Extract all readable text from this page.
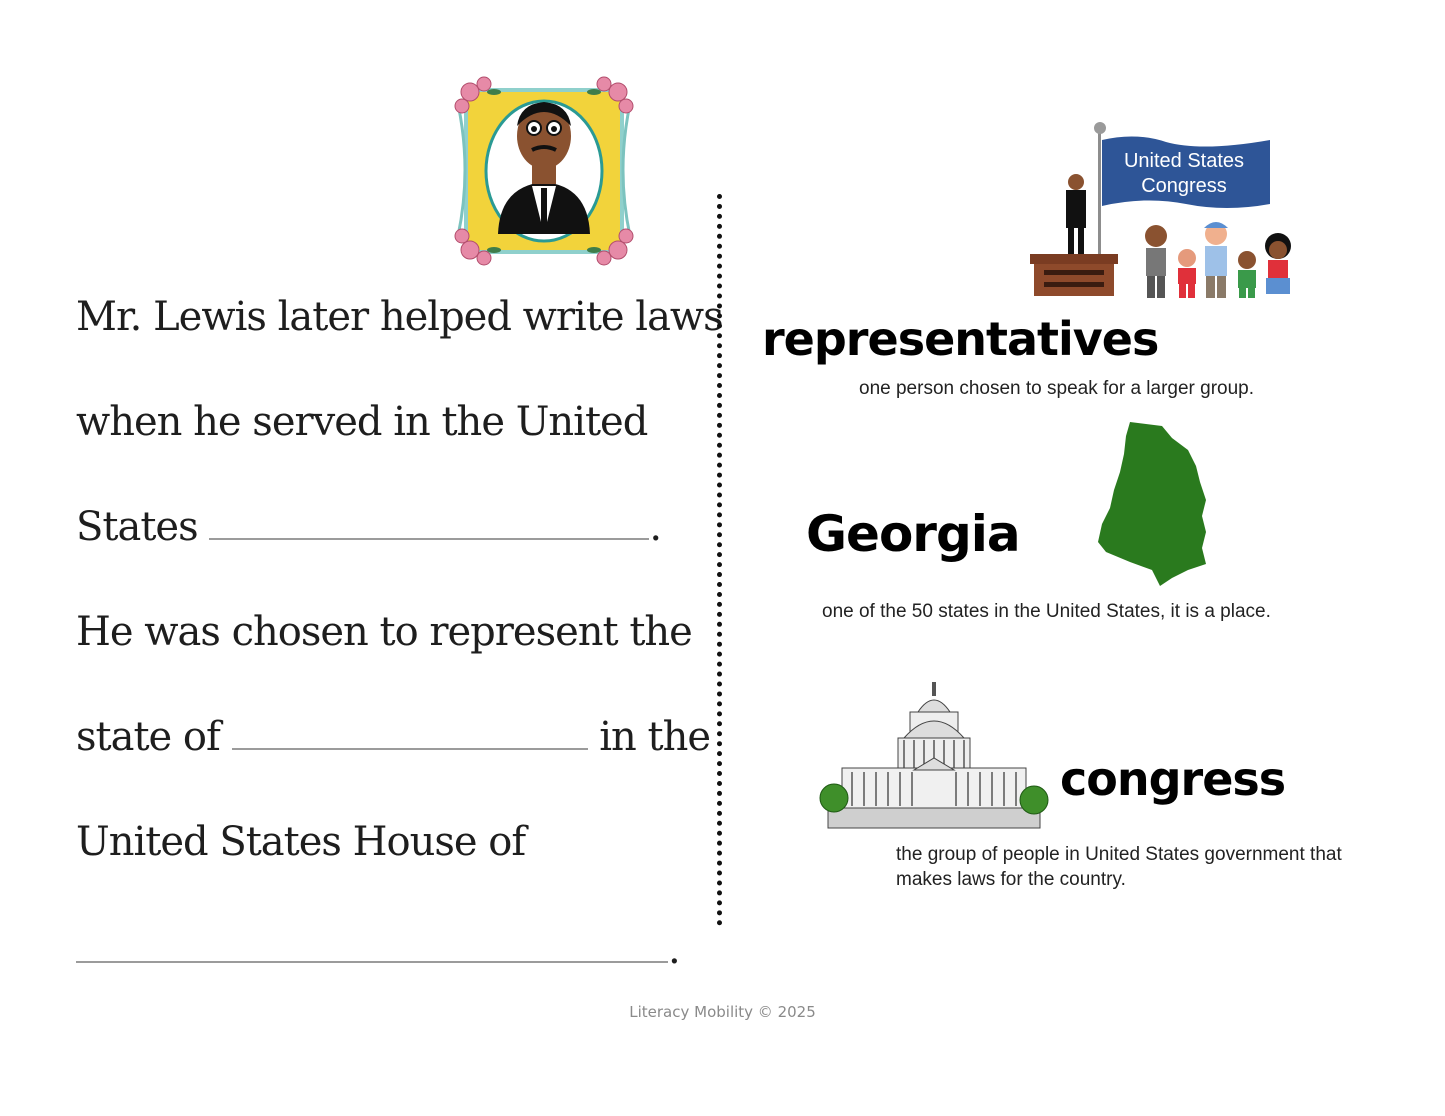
Mr. Lewis later helped write laws
when he served in the United
States	.
He was chosen to represent the
state of	in the
United States House of
.
United States
Congress
representatives
one person chosen to speak for a larger group.
Georgia
one of the 50 states in the United States, it is a place.
congress
the group of people in United States government that makes laws for the country.
Literacy Mobility © 2025
